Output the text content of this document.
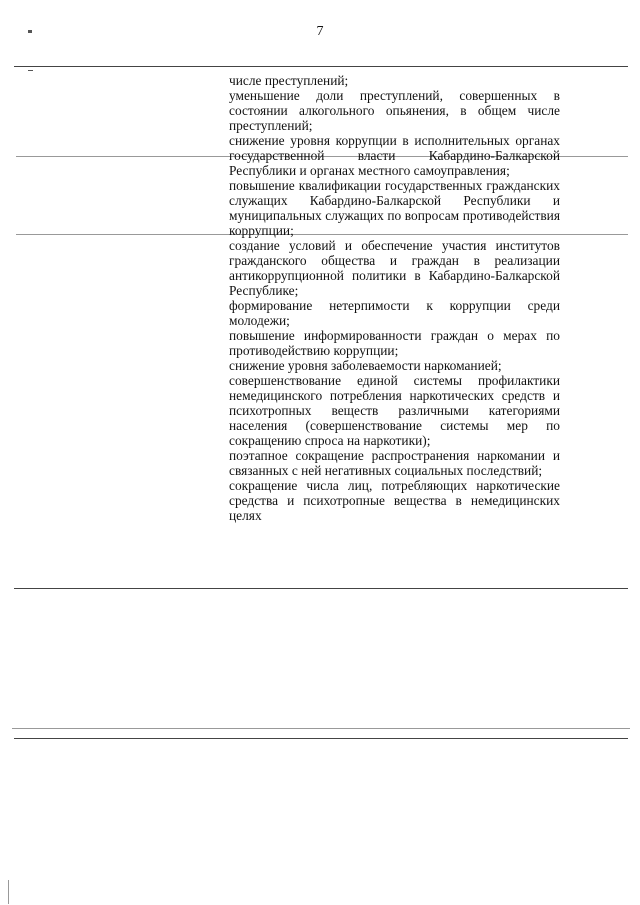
7

числе преступлений;

уменьшение доли преступлений, совершенных в состоянии алкогольного опьянения, в общем числе преступлений;

снижение уровня коррупции в исполнительных органах государственной власти Кабардино-Балкарской Республики и органах местного самоуправления;

повышение квалификации государственных гражданских служащих Кабардино-Балкарской Республики и муниципальных служащих по вопросам противодействия коррупции;

создание условий и обеспечение участия институтов гражданского общества и граждан в реализации антикоррупционной политики в Кабардино-Балкарской Республике;

формирование нетерпимости к коррупции среди молодежи;

повышение информированности граждан о мерах по противодействию коррупции;

снижение уровня заболеваемости наркоманией;

совершенствование единой системы профилактики немедицинского потребления наркотических средств и психотропных веществ различными категориями населения (совершенствование системы мер по сокращению спроса на наркотики);

поэтапное сокращение распространения наркомании и связанных с ней негативных социальных последствий;

сокращение числа лиц, потребляющих наркотические средства и психотропные вещества в немедицинских целях
